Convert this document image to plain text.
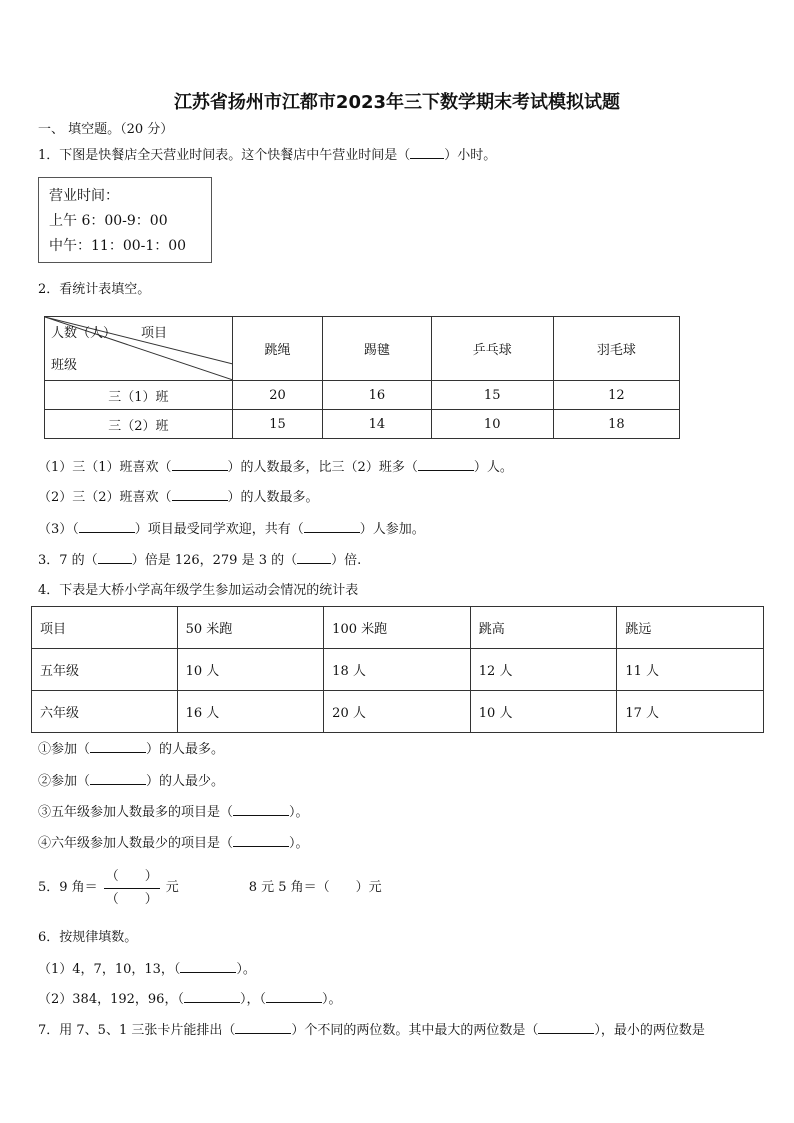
江苏省扬州市江都市2023年三下数学期末考试模拟试题
一、 填空题。（20 分）
1．下图是快餐店全天营业时间表。这个快餐店中午营业时间是（	）小时。
营业时间：
上午 6：00-9：00
中午：11：00-1：00
2．看统计表填空。
人数（人） 项目
班级	跳绳	踢毽	乒乓球	羽毛球
三（1）班	20	16	15	12
三（2）班	15	14	10	18
（1）三（1）班喜欢（	）的人数最多，比三（2）班多（	）人。
（2）三（2）班喜欢（	）的人数最多。
（3）（	）项目最受同学欢迎，共有（	）人参加。
3．7 的（	）倍是 126，279 是 3 的（	）倍.
4．下表是大桥小学高年级学生参加运动会情况的统计表
项目	50 米跑	100 米跑	跳高	跳远
五年级	10 人	18 人	12 人	11 人
六年级	16 人	20 人	10 人	17 人
①参加（	）的人最多。
②参加（	）的人最少。
③五年级参加人数最多的项目是（	）。
④六年级参加人数最少的项目是（	）。
5．9 角＝ $\frac{( )}{( )}$ 元	8 元 5 角＝（　　）元
6．按规律填数。
（1）4，7，10，13，（	）。
（2）384，192，96，（	），（	）。
7．用 7、5、1 三张卡片能排出（	）个不同的两位数。其中最大的两位数是（	），最小的两位数是
